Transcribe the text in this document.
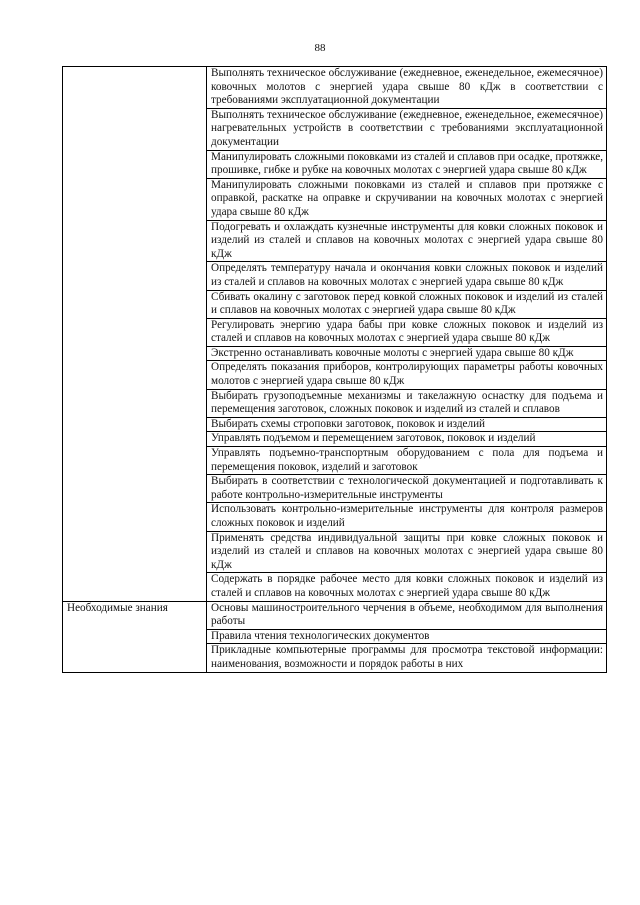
88
	Выполнять техническое обслуживание (ежедневное, еженедельное, ежемесячное) ковочных молотов с энергией удара свыше 80 кДж в соответствии с требованиями эксплуатационной документации
	Выполнять техническое обслуживание (ежедневное, еженедельное, ежемесячное) нагревательных устройств в соответствии с требованиями эксплуатационной документации
	Манипулировать сложными поковками из сталей и сплавов при осадке, протяжке, прошивке, гибке и рубке на ковочных молотах с энергией удара свыше 80 кДж
	Манипулировать сложными поковками из сталей и сплавов при протяжке с оправкой, раскатке на оправке и скручивании на ковочных молотах с энергией удара свыше 80 кДж
	Подогревать и охлаждать кузнечные инструменты для ковки сложных поковок и изделий из сталей и сплавов на ковочных молотах с энергией удара свыше 80 кДж
	Определять температуру начала и окончания ковки сложных поковок и изделий из сталей и сплавов на ковочных молотах с энергией удара свыше 80 кДж
	Сбивать окалину с заготовок перед ковкой сложных поковок и изделий из сталей и сплавов на ковочных молотах с энергией удара свыше 80 кДж
	Регулировать энергию удара бабы при ковке сложных поковок и изделий из сталей и сплавов на ковочных молотах с энергией удара свыше 80 кДж
	Экстренно останавливать ковочные молоты с энергией удара свыше 80 кДж
	Определять показания приборов, контролирующих параметры работы ковочных молотов с энергией удара свыше 80 кДж
	Выбирать грузоподъемные механизмы и такелажную оснастку для подъема и перемещения заготовок, сложных поковок и изделий из сталей и сплавов
	Выбирать схемы строповки заготовок, поковок и изделий
	Управлять подъемом и перемещением заготовок, поковок и изделий
	Управлять подъемно-транспортным оборудованием с пола для подъема и перемещения поковок, изделий и заготовок
	Выбирать в соответствии с технологической документацией и подготавливать к работе контрольно-измерительные инструменты
	Использовать контрольно-измерительные инструменты для контроля размеров сложных поковок и изделий
	Применять средства индивидуальной защиты при ковке сложных поковок и изделий из сталей и сплавов на ковочных молотах с энергией удара свыше 80 кДж
	Содержать в порядке рабочее место для ковки сложных поковок и изделий из сталей и сплавов на ковочных молотах с энергией удара свыше 80 кДж
Необходимые знания	Основы машиностроительного черчения в объеме, необходимом для выполнения работы
	Правила чтения технологических документов
	Прикладные компьютерные программы для просмотра текстовой информации: наименования, возможности и порядок работы в них
